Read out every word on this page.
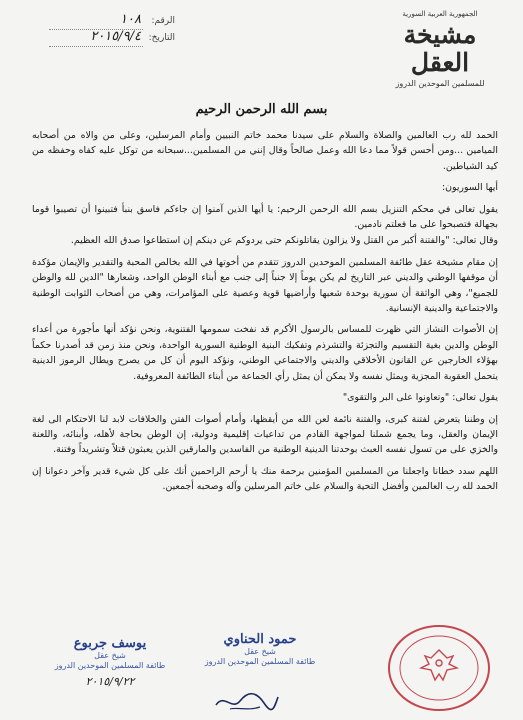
الرقم:
١٠٨
التاريخ:
٢٠١٥/٩/٤
الجمهورية العربية السورية
مشيخة العقل
للمسلمين الموحدين الدروز
بسم الله الرحمن الرحيم

الحمد لله رب العالمين والصلاة والسلام على سيدنا محمد خاتم النبيين وأمام المرسلين، وعلى من والاه من أصحابه الميامين ...ومن أحسن قولاً مما دعا الله وعمل صالحاً وقال إنني من المسلمين...سبحانه من توكل عليه كفاه وحفظه من كيد الشياطين.

أيها السوريون:

يقول تعالى في محكم التنزيل بسم الله الرحمن الرحيم: يا أيها الذين آمنوا إن جاءكم فاسق بنبأ فتبينوا أن تصيبوا قوما بجهالة فتصبحوا على ما فعلتم نادمين.

وقال تعالى: "والفتنة أكبر من القتل ولا يزالون يقاتلونكم حتى يردوكم عن دينكم إن استطاعوا صدق الله العظيم.

إن مقام مشيخة عقل طائفة المسلمين الموحدين الدروز تتقدم من أخوتها في الله بخالص المحبة والتقدير والإيمان مؤكدة أن موقفها الوطني والديني عبر التاريخ لم يكن يوماً إلا جنباً إلى جنب مع أبناء الوطن الواحد، وشعارها "الدين لله والوطن للجميع"، وهي الواثقة أن سورية بوحدة شعبها وأراضيها قوية وعصية على المؤامرات، وهي من أصحاب الثوابت الوطنية والاجتماعية والدينية الإنسانية.

إن الأصوات النشاز التي ظهرت للمساس بالرسول الأكرم قد نفخت سمومها الفتنوية، ونحن نؤكد أنها مأجورة من أعداء الوطن والدين بغية التقسيم والتجزئة والتشرذم وتفكيك البنية الوطنية السورية الواحدة، ونحن منذ زمن قد أصدرنا حكماً بهؤلاء الخارجين عن القانون الأخلاقي والديني والاجتماعي الوطني، ونؤكد اليوم أن كل من يصرح ويطال الرموز الدينية يتحمل العقوبة المجزية ويمثل نفسه ولا يمكن أن يمثل رأي الجماعة من أبناء الطائفة المعروفية.

يقول تعالى: "وتعاونوا على البر والتقوى"

إن وطننا يتعرض لفتنة كبرى، والفتنة نائمة لعن الله من أيقظها، وأمام أصوات الفتن والخلافات لابد لنا الاحتكام الى لغة الإيمان والعقل، وما يجمع شملنا لمواجهة القادم من تداعيات إقليمية ودولية، إن الوطن بحاجة لأهله، وأبنائه، واللعنة والخزي على من تسول نفسه العبث بوحدتنا الدينية الوطنية من الفاسدين والمارقين الذين يعبثون قتلاً وتشريداً وفتنة.

اللهم سدد خطانا واجعلنا من المسلمين المؤمنين برحمة منك يا أرحم الراحمين أنك على كل شيء قدير وآخر دعوانا إن الحمد لله رب العالمين وأفضل التحية والسلام على خاتم المرسلين وآله وصحبه أجمعين.

يوسف جربوع
شيخ عقل
طائفة المسلمين الموحدين الدروز
٢٠١٥/٩/٢٢
حمود الحناوي
شيخ عقل
طائفة المسلمين الموحدين الدروز
